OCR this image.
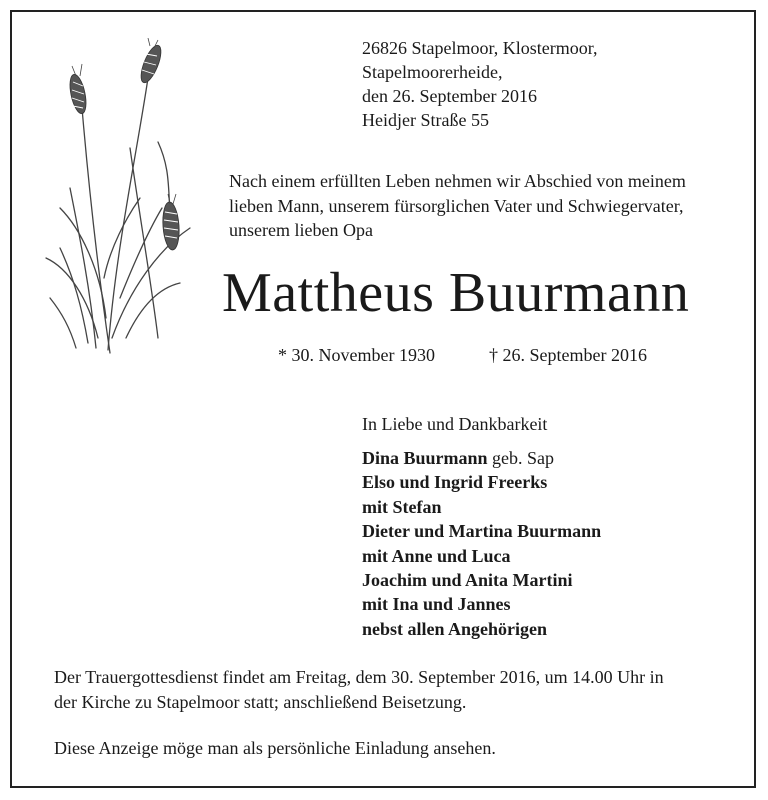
26826 Stapelmoor, Klostermoor,
Stapelmoorerheide,
den 26. September 2016
Heidjer Straße 55
Nach einem erfüllten Leben nehmen wir Abschied von meinem
lieben Mann, unserem fürsorglichen Vater und Schwiegervater,
unserem lieben Opa
Mattheus Buurmann
* 30. November 1930	† 26. September 2016
In Liebe und Dankbarkeit
Dina Buurmann geb. Sap
Elso und Ingrid Freerks
mit Stefan
Dieter und Martina Buurmann
mit Anne und Luca
Joachim und Anita Martini
mit Ina und Jannes
nebst allen Angehörigen
Der Trauergottesdienst findet am Freitag, dem 30. September 2016, um 14.00 Uhr in
der Kirche zu Stapelmoor statt; anschließend Beisetzung.
Diese Anzeige möge man als persönliche Einladung ansehen.
